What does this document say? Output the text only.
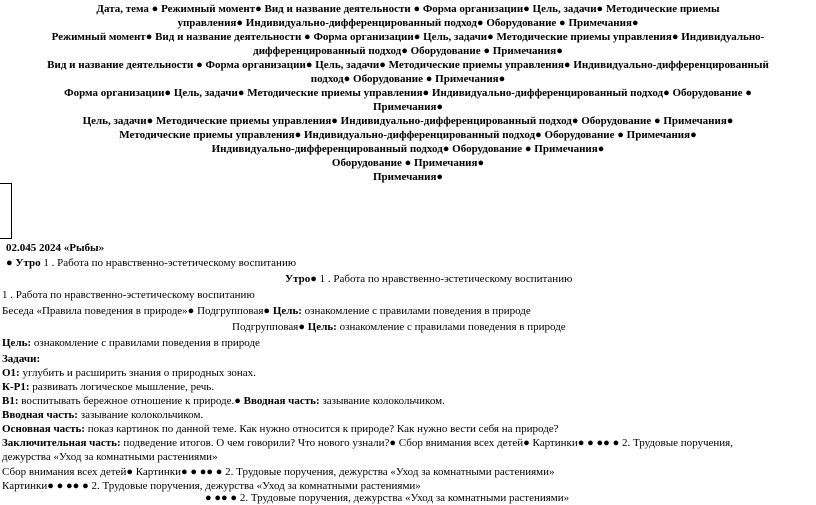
Дата, тема ● Режимный момент● Вид и название деятельности ● Форма организации● Цель, задачи● Методические приемы
управления● Индивидуально-дифференцированный подход● Оборудование ● Примечания●
Режимный момент● Вид и название деятельности ● Форма организации● Цель, задачи● Методические приемы управления● Индивидуально-
дифференцированный подход● Оборудование ● Примечания●
Вид и название деятельности ● Форма организации● Цель, задачи● Методические приемы управления● Индивидуально-дифференцированный
подход● Оборудование ● Примечания●
Форма организации● Цель, задачи● Методические приемы управления● Индивидуально-дифференцированный подход● Оборудование ●
Примечания●
Цель, задачи● Методические приемы управления● Индивидуально-дифференцированный подход● Оборудование ● Примечания●
Методические приемы управления● Индивидуально-дифференцированный подход● Оборудование ● Примечания●
Индивидуально-дифференцированный подход● Оборудование ● Примечания●
Оборудование ● Примечания●
Примечания●
02.045 2024 «Рыбы»
● Утро 1 . Работа по нравственно-эстетическому воспитанию
Утро● 1 . Работа по нравственно-эстетическому воспитанию
1 . Работа по нравственно-эстетическому воспитанию
Беседа «Правила поведения в природе»● Подгрупповая● Цель: ознакомление с правилами поведения в природе
Подгрупповая● Цель: ознакомление с правилами поведения в природе
Цель: ознакомление с правилами поведения в природе
Задачи:
О1: углубить и расширить знания о природных зонах.
К-Р1: развивать логическое мышление, речь.
В1: воспитывать бережное отношение к природе.● Вводная часть: зазывание колокольчиком.
Вводная часть: зазывание колокольчиком.
Основная часть: показ картинок по данной теме. Как нужно относится к природе? Как нужно вести себя на природе?
Заключительная часть: подведение итогов. О чем говорили? Что нового узнали?● Сбор внимания всех детей● Картинки● ● ●● ● 2. Трудовые поручения,
дежурства «Уход за комнатными растениями»
Сбор внимания всех детей● Картинки● ● ●● ● 2. Трудовые поручения, дежурства «Уход за комнатными растениями»
Картинки● ● ●● ● 2. Трудовые поручения, дежурства «Уход за комнатными растениями»
● ●● ● 2. Трудовые поручения, дежурства «Уход за комнатными растениями»
